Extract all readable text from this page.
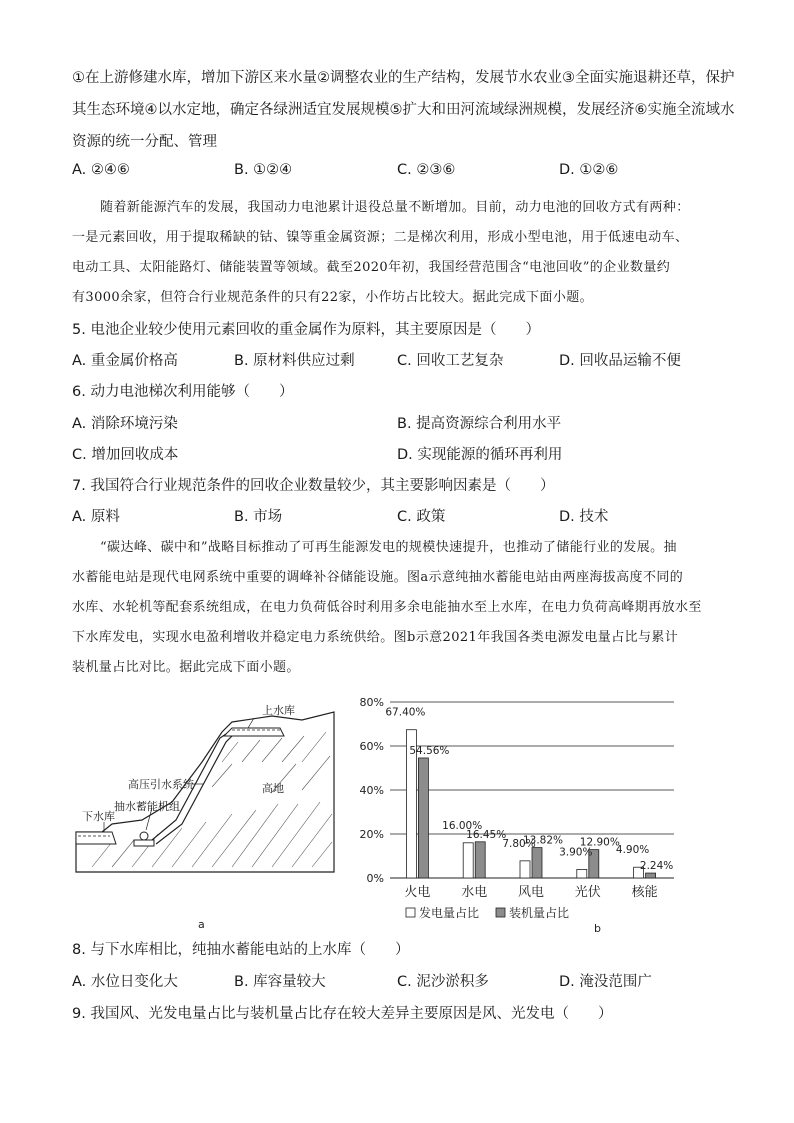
①在上游修建水库，增加下游区来水量②调整农业的生产结构，发展节水农业③全面实施退耕还草，保护
其生态环境④以水定地，确定各绿洲适宜发展规模⑤扩大和田河流域绿洲规模，发展经济⑥实施全流域水
资源的统一分配、管理
A. ②④⑥	B. ①②④	C. ②③⑥	D. ①②⑥
随着新能源汽车的发展，我国动力电池累计退役总量不断增加。目前，动力电池的回收方式有两种：
一是元素回收，用于提取稀缺的钴、镍等重金属资源；二是梯次利用，形成小型电池，用于低速电动车、
电动工具、太阳能路灯、储能装置等领域。截至2020年初，我国经营范围含“电池回收”的企业数量约
有3000余家，但符合行业规范条件的只有22家，小作坊占比较大。据此完成下面小题。
5. 电池企业较少使用元素回收的重金属作为原料，其主要原因是（　　）
A. 重金属价格高	B. 原材料供应过剩	C. 回收工艺复杂	D. 回收品运输不便
6. 动力电池梯次利用能够（　　）
A. 消除环境污染	B. 提高资源综合利用水平
C. 增加回收成本	D. 实现能源的循环再利用
7. 我国符合行业规范条件的回收企业数量较少，其主要影响因素是（　　）
A. 原料	B. 市场	C. 政策	D. 技术
“碳达峰、碳中和”战略目标推动了可再生能源发电的规模快速提升，也推动了储能行业的发展。抽
水蓄能电站是现代电网系统中重要的调峰补谷储能设施。图a示意纯抽水蓄能电站由两座海拔高度不同的
水库、水轮机等配套系统组成，在电力负荷低谷时利用多余电能抽水至上水库，在电力负荷高峰期再放水至
下水库发电，实现水电盈利增收并稳定电力系统供给。图b示意2021年我国各类电源发电量占比与累计
装机量占比对比。据此完成下面小题。
上水库
高压引水系统
抽水蓄能机组
下水库
高地
a
0%
20%
40%
60%
80%
67.40%
54.56%
16.00%
16.45%
7.80%
13.82%
3.90%
12.90%
4.90%
2.24%
火电 水电 风电 光伏 核能
发电量占比 装机量占比
b
8. 与下水库相比，纯抽水蓄能电站的上水库（　　）
A. 水位日变化大	B. 库容量较大	C. 泥沙淤积多	D. 淹没范围广
9. 我国风、光发电量占比与装机量占比存在较大差异主要原因是风、光发电（　　）
